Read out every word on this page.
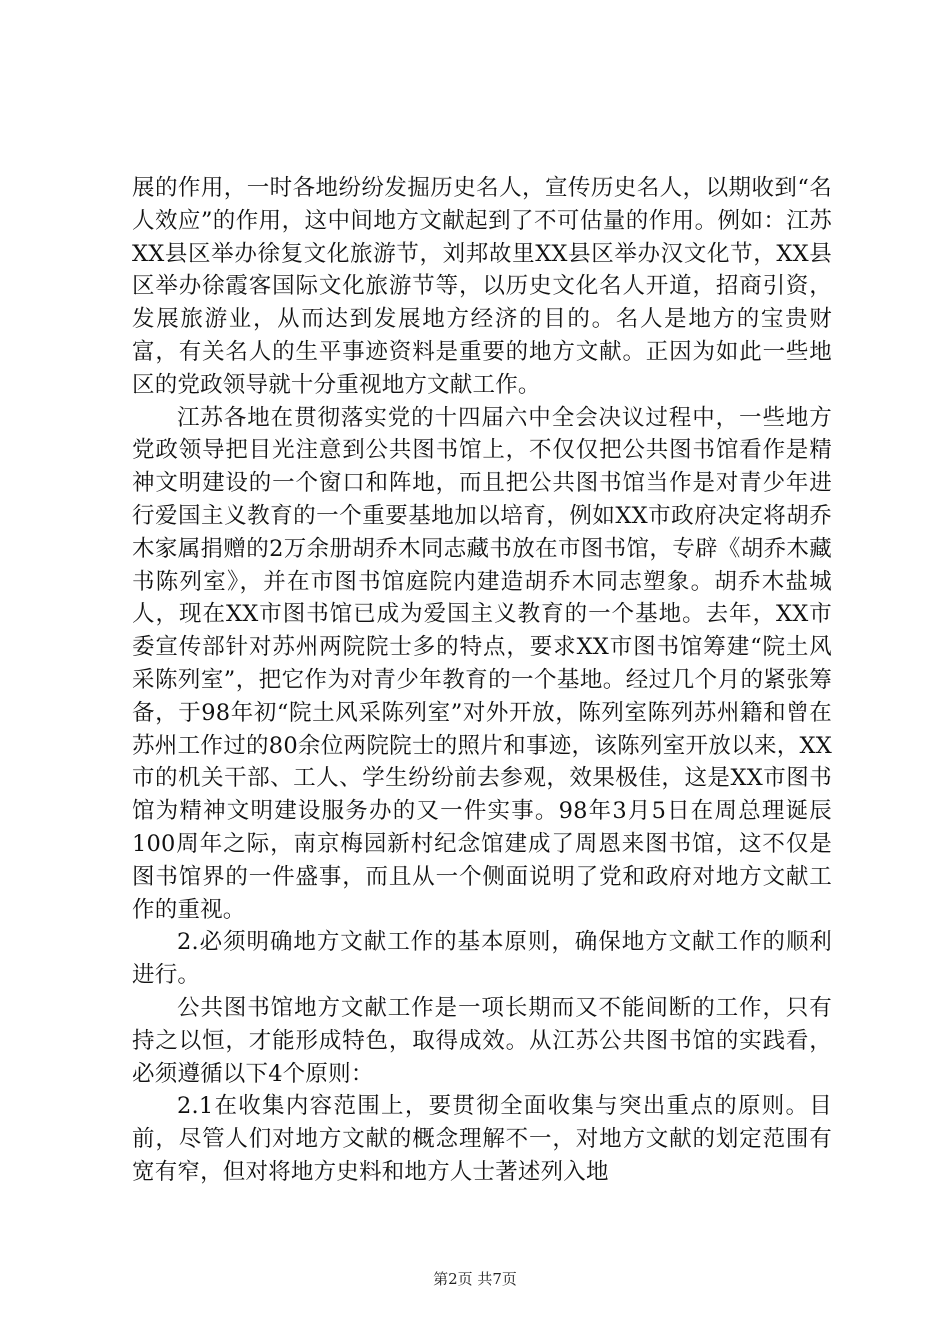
展的作用，一时各地纷纷发掘历史名人，宣传历史名人，以期收到“名人效应”的作用，这中间地方文献起到了不可估量的作用。例如：江苏XX县区举办徐复文化旅游节，刘邦故里XX县区举办汉文化节，XX县区举办徐霞客国际文化旅游节等，以历史文化名人开道，招商引资，发展旅游业，从而达到发展地方经济的目的。名人是地方的宝贵财富，有关名人的生平事迹资料是重要的地方文献。正因为如此一些地区的党政领导就十分重视地方文献工作。

江苏各地在贯彻落实党的十四届六中全会决议过程中，一些地方党政领导把目光注意到公共图书馆上，不仅仅把公共图书馆看作是精神文明建设的一个窗口和阵地，而且把公共图书馆当作是对青少年进行爱国主义教育的一个重要基地加以培育，例如XX市政府决定将胡乔木家属捐赠的2万余册胡乔木同志藏书放在市图书馆，专辟《胡乔木藏书陈列室》，并在市图书馆庭院内建造胡乔木同志塑象。胡乔木盐城人，现在XX市图书馆已成为爱国主义教育的一个基地。去年，XX市委宣传部针对苏州两院院士多的特点，要求XX市图书馆筹建“院土风采陈列室”，把它作为对青少年教育的一个基地。经过几个月的紧张筹备，于98年初“院土风采陈列室”对外开放，陈列室陈列苏州籍和曾在苏州工作过的80余位两院院士的照片和事迹，该陈列室开放以来，XX市的机关干部、工人、学生纷纷前去参观，效果极佳，这是XX市图书馆为精神文明建设服务办的又一件实事。98年3月5日在周总理诞辰100周年之际，南京梅园新村纪念馆建成了周恩来图书馆，这不仅是图书馆界的一件盛事，而且从一个侧面说明了党和政府对地方文献工作的重视。

2.必须明确地方文献工作的基本原则，确保地方文献工作的顺利进行。

公共图书馆地方文献工作是一项长期而又不能间断的工作，只有持之以恒，才能形成特色，取得成效。从江苏公共图书馆的实践看，必须遵循以下4个原则：

2.1在收集内容范围上，要贯彻全面收集与突出重点的原则。目前，尽管人们对地方文献的概念理解不一，对地方文献的划定范围有宽有窄，但对将地方史料和地方人士著述列入地

第2页 共7页
